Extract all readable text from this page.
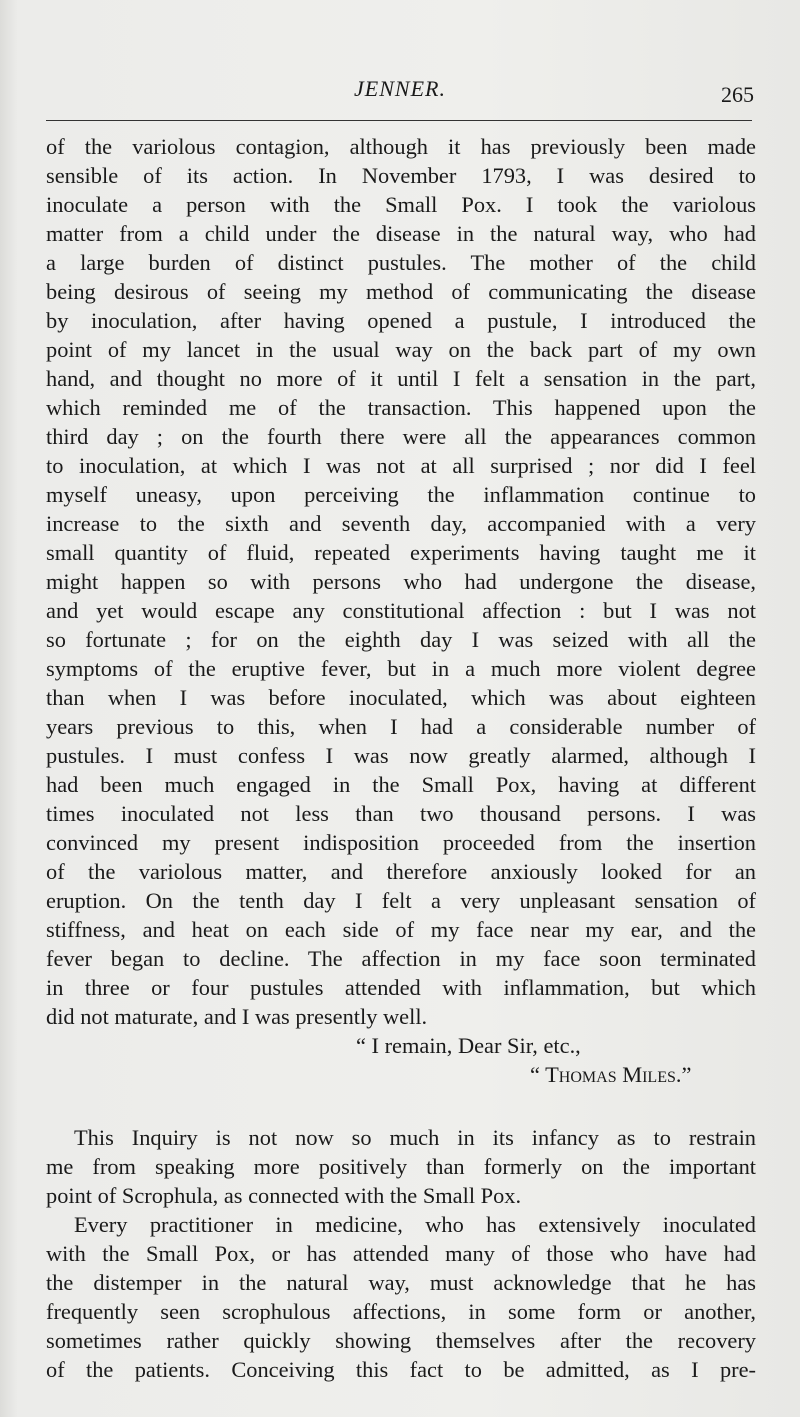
JENNER.	265
of the variolous contagion, although it has previously been made
sensible of its action. In November 1793, I was desired to
inoculate a person with the Small Pox. I took the variolous
matter from a child under the disease in the natural way, who had
a large burden of distinct pustules. The mother of the child
being desirous of seeing my method of communicating the disease
by inoculation, after having opened a pustule, I introduced the
point of my lancet in the usual way on the back part of my own
hand, and thought no more of it until I felt a sensation in the part,
which reminded me of the transaction. This happened upon the
third day ; on the fourth there were all the appearances common
to inoculation, at which I was not at all surprised ; nor did I feel
myself uneasy, upon perceiving the inflammation continue to
increase to the sixth and seventh day, accompanied with a very
small quantity of fluid, repeated experiments having taught me it
might happen so with persons who had undergone the disease,
and yet would escape any constitutional affection : but I was not
so fortunate ; for on the eighth day I was seized with all the
symptoms of the eruptive fever, but in a much more violent degree
than when I was before inoculated, which was about eighteen
years previous to this, when I had a considerable number of
pustules. I must confess I was now greatly alarmed, although I
had been much engaged in the Small Pox, having at different
times inoculated not less than two thousand persons. I was
convinced my present indisposition proceeded from the insertion
of the variolous matter, and therefore anxiously looked for an
eruption. On the tenth day I felt a very unpleasant sensation of
stiffness, and heat on each side of my face near my ear, and the
fever began to decline. The affection in my face soon terminated
in three or four pustules attended with inflammation, but which
did not maturate, and I was presently well.
“ I remain, Dear Sir, etc.,
“ Thomas Miles.”
This Inquiry is not now so much in its infancy as to restrain
me from speaking more positively than formerly on the important
point of Scrophula, as connected with the Small Pox.
Every practitioner in medicine, who has extensively inoculated
with the Small Pox, or has attended many of those who have had
the distemper in the natural way, must acknowledge that he has
frequently seen scrophulous affections, in some form or another,
sometimes rather quickly showing themselves after the recovery
of the patients. Conceiving this fact to be admitted, as I pre-
